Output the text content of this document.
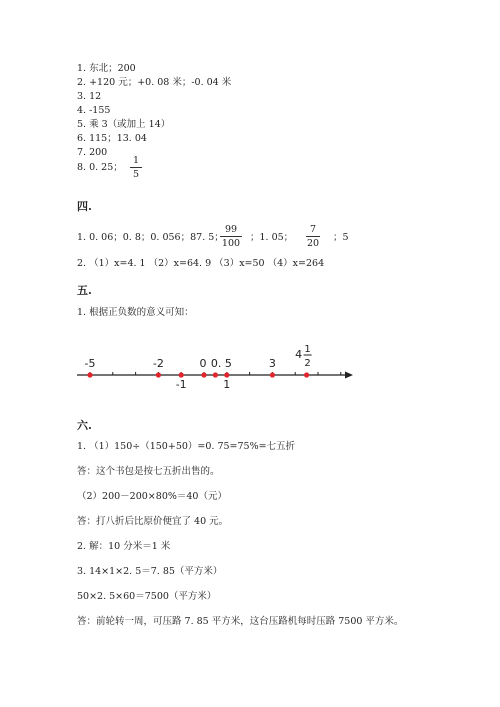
1. 东北；200
2. +120 元；+0. 08 米；-0. 04 米
3. 12
4. -155
5. 乘 3（或加上 14）
6. 115；13. 04
7. 200
8. 0. 25；
1
5
四.
1. 0. 06；0. 8；0. 056；87. 5；
99
100
；1. 05；
7
20
；5
2. （1）x=4. 1 （2）x=64. 9 （3）x=50 （4）x=264
五.
1. 根据正负数的意义可知：
-5	-2	0 0. 5	3
-1	1
4 1
2
六.
1. （1）150÷（150+50）=0. 75=75%=七五折
答：这个书包是按七五折出售的。
（2）200－200×80%＝40（元）
答：打八折后比原价便宜了 40 元。
2. 解：10 分米＝1 米
3. 14×1×2. 5＝7. 85（平方米）
50×2. 5×60＝7500（平方米）
答：前轮转一周，可压路 7. 85 平方米，这台压路机每时压路 7500 平方米。
